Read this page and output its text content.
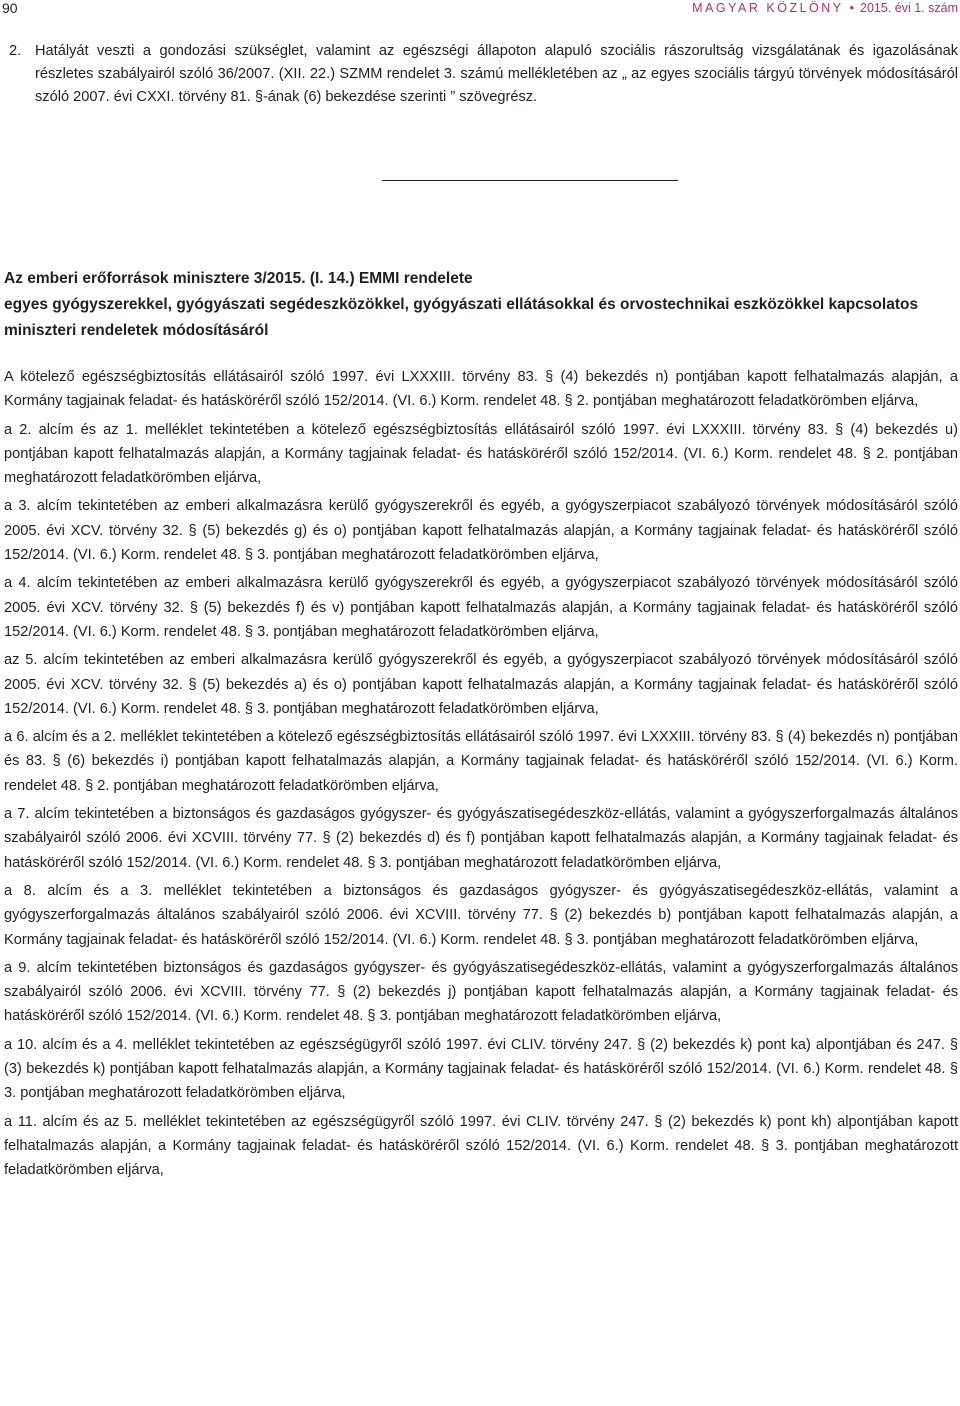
90	MAGYAR KÖZLÖNY • 2015. évi 1. szám
2. Hatályát veszti a gondozási szükséglet, valamint az egészségi állapoton alapuló szociális rászorultság vizsgálatának és igazolásának részletes szabályairól szóló 36/2007. (XII. 22.) SZMM rendelet 3. számú mellékletében az „ az egyes szociális tárgyú törvények módosításáról szóló 2007. évi CXXI. törvény 81. §-ának (6) bekezdése szerinti ” szövegrész.
Az emberi erőforrások minisztere 3/2015. (I. 14.) EMMI rendelete
egyes gyógyszerekkel, gyógyászati segédeszközökkel, gyógyászati ellátásokkal és orvostechnikai eszközökkel kapcsolatos miniszteri rendeletek módosításáról

A kötelező egészségbiztosítás ellátásairól szóló 1997. évi LXXXIII. törvény 83. § (4) bekezdés n) pontjában kapott felhatalmazás alapján, a Kormány tagjainak feladat- és hatásköréről szóló 152/2014. (VI. 6.) Korm. rendelet 48. § 2. pontjában meghatározott feladatkörömben eljárva,

a 2. alcím és az 1. melléklet tekintetében a kötelező egészségbiztosítás ellátásairól szóló 1997. évi LXXXIII. törvény 83. § (4) bekezdés u) pontjában kapott felhatalmazás alapján, a Kormány tagjainak feladat- és hatásköréről szóló 152/2014. (VI. 6.) Korm. rendelet 48. § 2. pontjában meghatározott feladatkörömben eljárva,

a 3. alcím tekintetében az emberi alkalmazásra kerülő gyógyszerekről és egyéb, a gyógyszerpiacot szabályozó törvények módosításáról szóló 2005. évi XCV. törvény 32. § (5) bekezdés g) és o) pontjában kapott felhatalmazás alapján, a Kormány tagjainak feladat- és hatásköréről szóló 152/2014. (VI. 6.) Korm. rendelet 48. § 3. pontjában meghatározott feladatkörömben eljárva,

a 4. alcím tekintetében az emberi alkalmazásra kerülő gyógyszerekről és egyéb, a gyógyszerpiacot szabályozó törvények módosításáról szóló 2005. évi XCV. törvény 32. § (5) bekezdés f) és v) pontjában kapott felhatalmazás alapján, a Kormány tagjainak feladat- és hatásköréről szóló 152/2014. (VI. 6.) Korm. rendelet 48. § 3. pontjában meghatározott feladatkörömben eljárva,

az 5. alcím tekintetében az emberi alkalmazásra kerülő gyógyszerekről és egyéb, a gyógyszerpiacot szabályozó törvények módosításáról szóló 2005. évi XCV. törvény 32. § (5) bekezdés a) és o) pontjában kapott felhatalmazás alapján, a Kormány tagjainak feladat- és hatásköréről szóló 152/2014. (VI. 6.) Korm. rendelet 48. § 3. pontjában meghatározott feladatkörömben eljárva,

a 6. alcím és a 2. melléklet tekintetében a kötelező egészségbiztosítás ellátásairól szóló 1997. évi LXXXIII. törvény 83. § (4) bekezdés n) pontjában és 83. § (6) bekezdés i) pontjában kapott felhatalmazás alapján, a Kormány tagjainak feladat- és hatásköréről szóló 152/2014. (VI. 6.) Korm. rendelet 48. § 2. pontjában meghatározott feladatkörömben eljárva,

a 7. alcím tekintetében a biztonságos és gazdaságos gyógyszer- és gyógyászatisegédeszköz-ellátás, valamint a gyógyszerforgalmazás általános szabályairól szóló 2006. évi XCVIII. törvény 77. § (2) bekezdés d) és f) pontjában kapott felhatalmazás alapján, a Kormány tagjainak feladat- és hatásköréről szóló 152/2014. (VI. 6.) Korm. rendelet 48. § 3. pontjában meghatározott feladatkörömben eljárva,

a 8. alcím és a 3. melléklet tekintetében a biztonságos és gazdaságos gyógyszer- és gyógyászatisegédeszköz-ellátás, valamint a gyógyszerforgalmazás általános szabályairól szóló 2006. évi XCVIII. törvény 77. § (2) bekezdés b) pontjában kapott felhatalmazás alapján, a Kormány tagjainak feladat- és hatásköréről szóló 152/2014. (VI. 6.) Korm. rendelet 48. § 3. pontjában meghatározott feladatkörömben eljárva,

a 9. alcím tekintetében biztonságos és gazdaságos gyógyszer- és gyógyászatisegédeszköz-ellátás, valamint a gyógyszerforgalmazás általános szabályairól szóló 2006. évi XCVIII. törvény 77. § (2) bekezdés j) pontjában kapott felhatalmazás alapján, a Kormány tagjainak feladat- és hatásköréről szóló 152/2014. (VI. 6.) Korm. rendelet 48. § 3. pontjában meghatározott feladatkörömben eljárva,

a 10. alcím és a 4. melléklet tekintetében az egészségügyről szóló 1997. évi CLIV. törvény 247. § (2) bekezdés k) pont ka) alpontjában és 247. § (3) bekezdés k) pontjában kapott felhatalmazás alapján, a Kormány tagjainak feladat- és hatásköréről szóló 152/2014. (VI. 6.) Korm. rendelet 48. § 3. pontjában meghatározott feladatkörömben eljárva,

a 11. alcím és az 5. melléklet tekintetében az egészségügyről szóló 1997. évi CLIV. törvény 247. § (2) bekezdés k) pont kh) alpontjában kapott felhatalmazás alapján, a Kormány tagjainak feladat- és hatásköréről szóló 152/2014. (VI. 6.) Korm. rendelet 48. § 3. pontjában meghatározott feladatkörömben eljárva,
